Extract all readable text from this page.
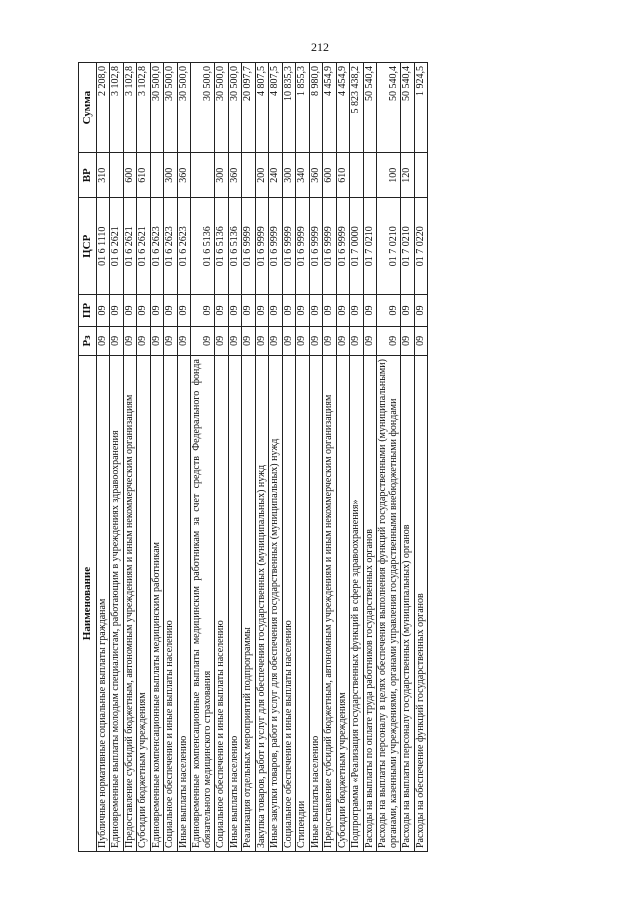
212
Наименование	Рз	ПР	ЦСР	ВР	Сумма
Публичные нормативные социальные выплаты гражданам	09	09	01 6 1110	310	2 208,0
Единовременные выплаты молодым специалистам, работающим в учреждениях здравоохранения	09	09	01 6 2621		3 102,8
Предоставление субсидий бюджетным, автономным учреждениям и иным некоммерческим организациям	09	09	01 6 2621	600	3 102,8
Субсидии бюджетным учреждениям	09	09	01 6 2621	610	3 102,8
Единовременные компенсационные выплаты медицинским работникам	09	09	01 6 2623		30 500,0
Социальное обеспечение и иные выплаты населению	09	09	01 6 2623	300	30 500,0
Иные выплаты населению	09	09	01 6 2623	360	30 500,0
Единовременные компенсационные выплаты медицинским работникам за счет средств Федерального фонда обязательного медицинского страхования	09	09	01 6 5136		30 500,0
Социальное обеспечение и иные выплаты населению	09	09	01 6 5136	300	30 500,0
Иные выплаты населению	09	09	01 6 5136	360	30 500,0
Реализация отдельных мероприятий подпрограммы	09	09	01 6 9999		20 097,7
Закупка товаров, работ и услуг для обеспечения государственных (муниципальных) нужд	09	09	01 6 9999	200	4 807,5
Иные закупки товаров, работ и услуг для обеспечения государственных (муниципальных) нужд	09	09	01 6 9999	240	4 807,5
Социальное обеспечение и иные выплаты населению	09	09	01 6 9999	300	10 835,3
Стипендии	09	09	01 6 9999	340	1 855,3
Иные выплаты населению	09	09	01 6 9999	360	8 980,0
Предоставление субсидий бюджетным, автономным учреждениям и иным некоммерческим организациям	09	09	01 6 9999	600	4 454,9
Субсидии бюджетным учреждениям	09	09	01 6 9999	610	4 454,9
Подпрограмма «Реализация государственных функций в сфере здравоохранения»	09	09	01 7 0000		5 823 438,2
Расходы на выплаты по оплате труда работников государственных органов	09	09	01 7 0210		50 540,4
Расходы на выплаты персоналу в целях обеспечения выполнения функций государственными (муниципальными) органами, казенными учреждениями, органами управления государственными внебюджетными фондами	09	09	01 7 0210	100	50 540,4
Расходы на выплаты персоналу государственных (муниципальных) органов	09	09	01 7 0210	120	50 540,4
Расходы на обеспечение функций государственных органов	09	09	01 7 0220		1 924,5
